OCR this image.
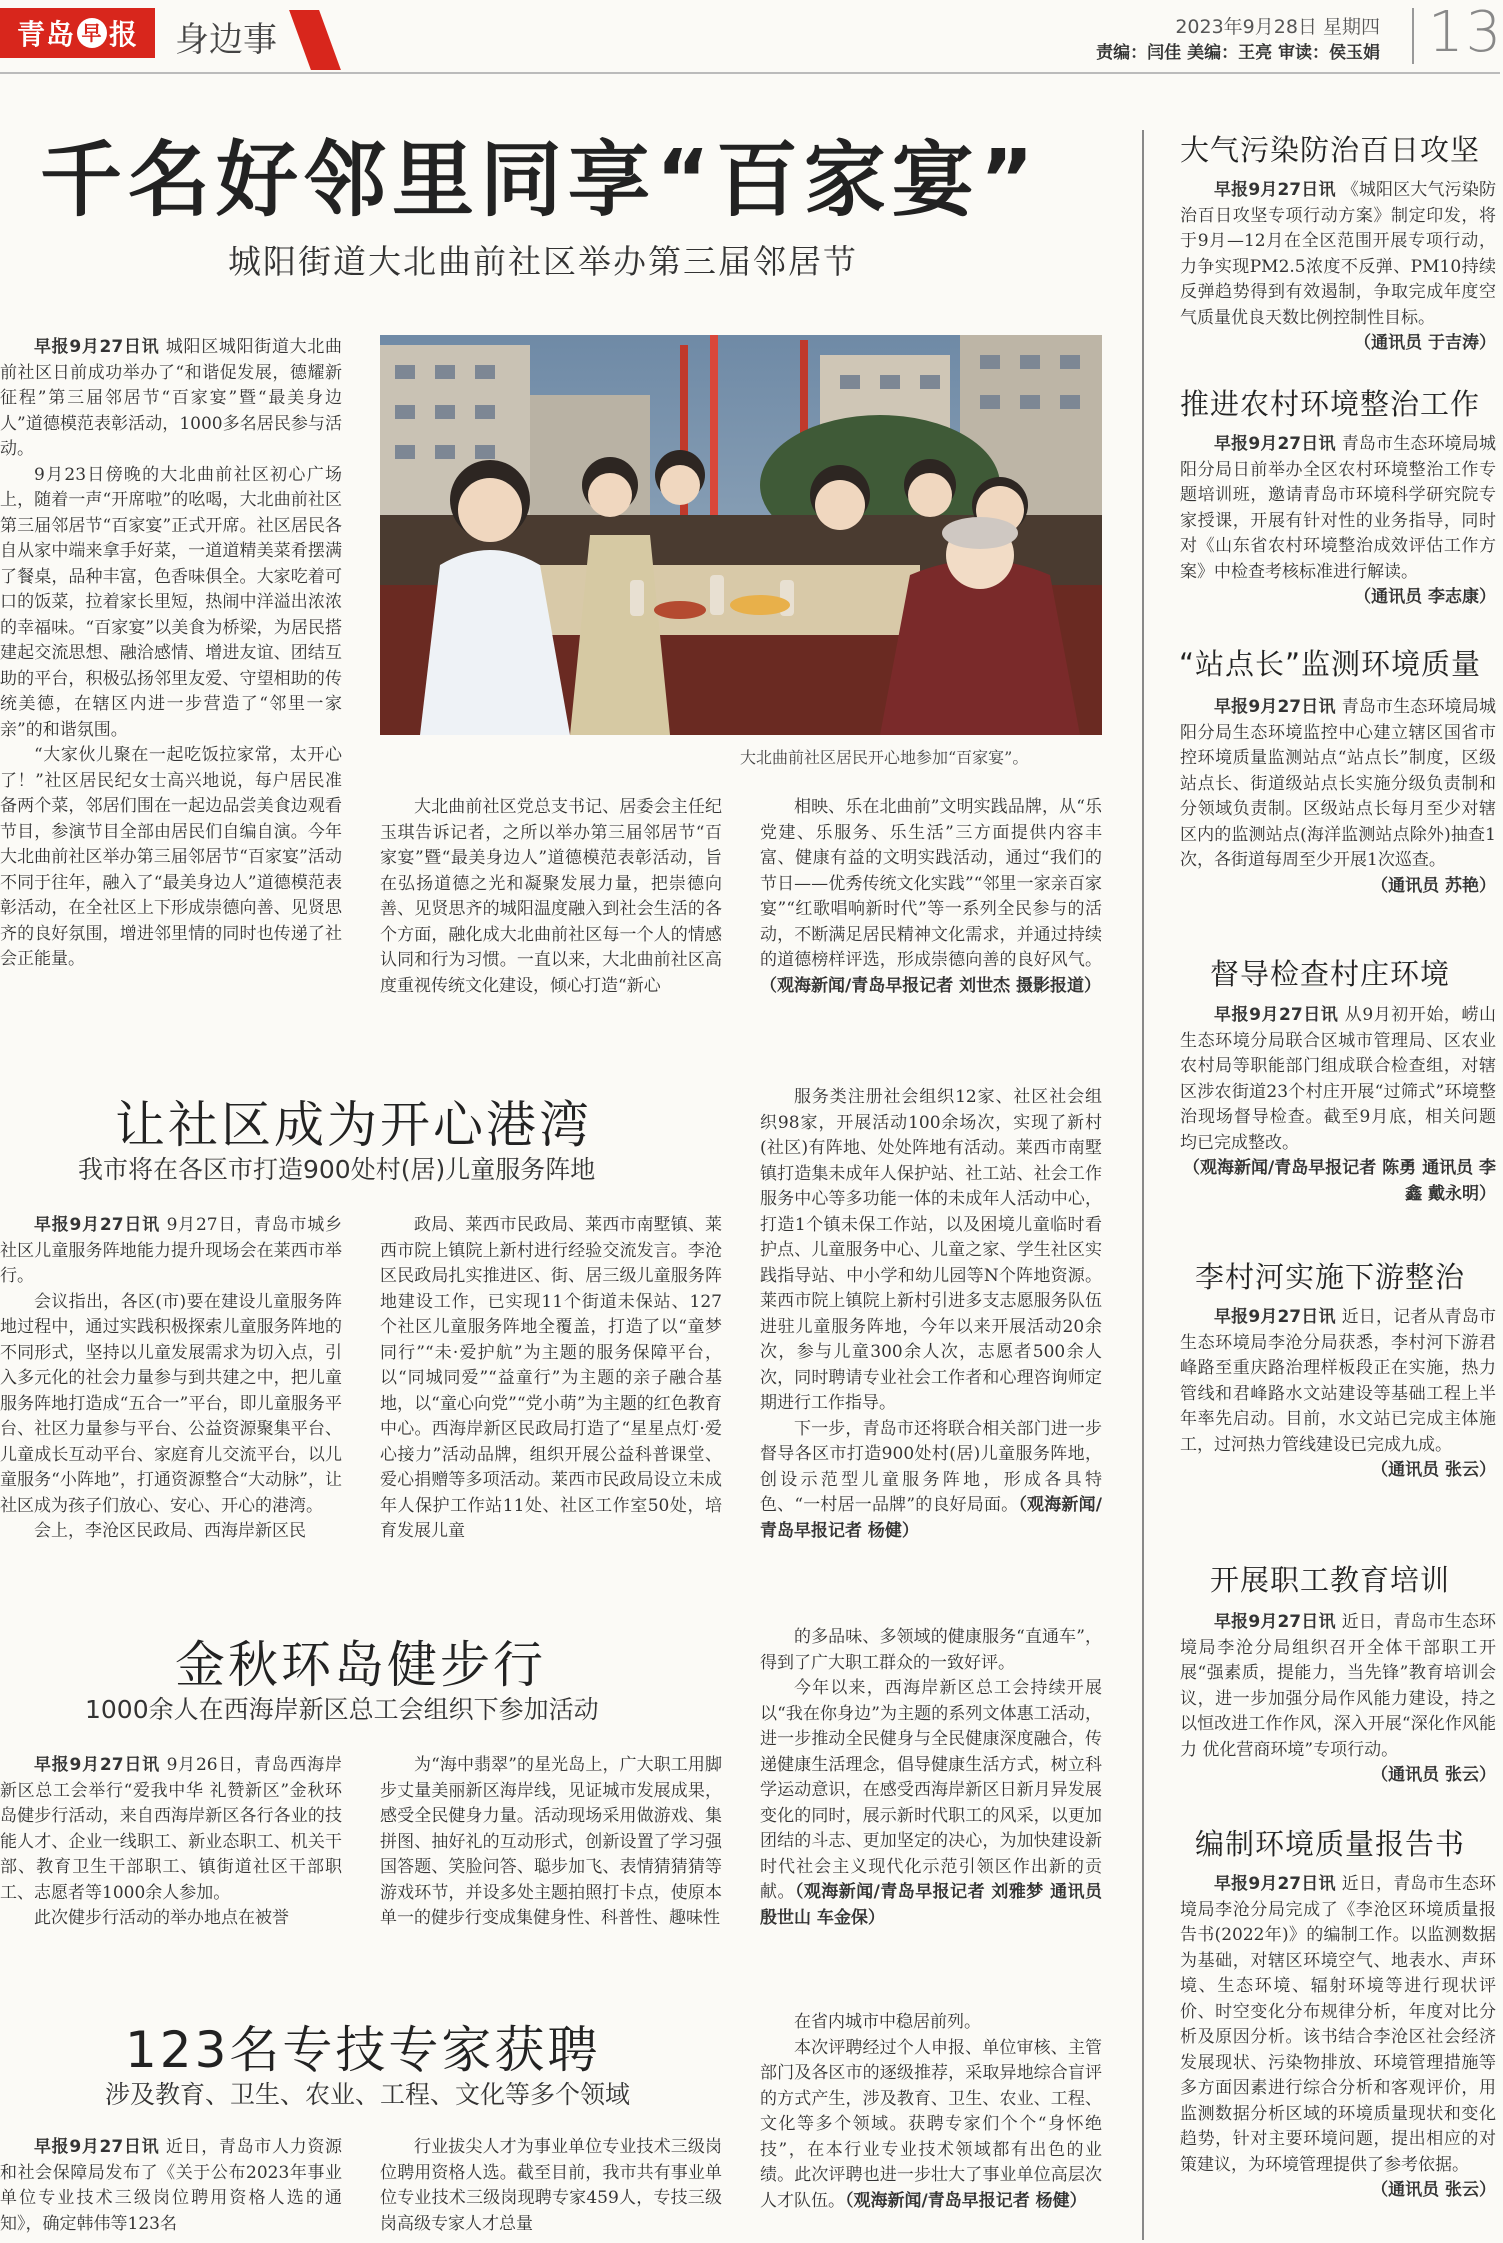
青岛 早 报 身边事	2023年9月28日 星期四
责编：闫佳 美编：王亮 审读：侯玉娟 13
千名好邻里同享“百家宴”
城阳街道大北曲前社区举办第三届邻居节

早报9月27日讯 城阳区城阳街道大北曲前社区日前成功举办了“和谐促发展，德耀新征程”第三届邻居节“百家宴”暨“最美身边人”道德模范表彰活动，1000多名居民参与活动。

9月23日傍晚的大北曲前社区初心广场上，随着一声“开席啦”的吆喝，大北曲前社区第三届邻居节“百家宴”正式开席。社区居民各自从家中端来拿手好菜，一道道精美菜肴摆满了餐桌，品种丰富，色香味俱全。大家吃着可口的饭菜，拉着家长里短，热闹中洋溢出浓浓的幸福味。“百家宴”以美食为桥梁，为居民搭建起交流思想、融洽感情、增进友谊、团结互助的平台，积极弘扬邻里友爱、守望相助的传统美德，在辖区内进一步营造了“邻里一家亲”的和谐氛围。

“大家伙儿聚在一起吃饭拉家常，太开心了！”社区居民纪女士高兴地说，每户居民准备两个菜，邻居们围在一起边品尝美食边观看节目，参演节目全部由居民们自编自演。今年大北曲前社区举办第三届邻居节“百家宴”活动不同于往年，融入了“最美身边人”道德模范表彰活动，在全社区上下形成崇德向善、见贤思齐的良好氛围，增进邻里情的同时也传递了社会正能量。

大北曲前社区居民开心地参加“百家宴”。

大北曲前社区党总支书记、居委会主任纪玉琪告诉记者，之所以举办第三届邻居节“百家宴”暨“最美身边人”道德模范表彰活动，旨在弘扬道德之光和凝聚发展力量，把崇德向善、见贤思齐的城阳温度融入到社会生活的各个方面，融化成大北曲前社区每一个人的情感认同和行为习惯。一直以来，大北曲前社区高度重视传统文化建设，倾心打造“新心

相映、乐在北曲前”文明实践品牌，从“乐党建、乐服务、乐生活”三方面提供内容丰富、健康有益的文明实践活动，通过“我们的节日——优秀传统文化实践”“邻里一家亲百家宴”“红歌唱响新时代”等一系列全民参与的活动，不断满足居民精神文化需求，并通过持续的道德榜样评选，形成崇德向善的良好风气。（观海新闻/青岛早报记者 刘世杰 摄影报道）

让社区成为开心港湾
我市将在各区市打造900处村(居)儿童服务阵地

早报9月27日讯 9月27日，青岛市城乡社区儿童服务阵地能力提升现场会在莱西市举行。

会议指出，各区(市)要在建设儿童服务阵地过程中，通过实践积极探索儿童服务阵地的不同形式，坚持以儿童发展需求为切入点，引入多元化的社会力量参与到共建之中，把儿童服务阵地打造成“五合一”平台，即儿童服务平台、社区力量参与平台、公益资源聚集平台、儿童成长互动平台、家庭育儿交流平台，以儿童服务“小阵地”，打通资源整合“大动脉”，让社区成为孩子们放心、安心、开心的港湾。

会上，李沧区民政局、西海岸新区民

政局、莱西市民政局、莱西市南墅镇、莱西市院上镇院上新村进行经验交流发言。李沧区民政局扎实推进区、街、居三级儿童服务阵地建设工作，已实现11个街道未保站、127个社区儿童服务阵地全覆盖，打造了以“童梦同行”“未·爱护航”为主题的服务保障平台，以“同城同爱”“益童行”为主题的亲子融合基地，以“童心向党”“党小萌”为主题的红色教育中心。西海岸新区民政局打造了“星星点灯·爱心接力”活动品牌，组织开展公益科普课堂、爱心捐赠等多项活动。莱西市民政局设立未成年人保护工作站11处、社区工作室50处，培育发展儿童

服务类注册社会组织12家、社区社会组织98家，开展活动100余场次，实现了新村(社区)有阵地、处处阵地有活动。莱西市南墅镇打造集未成年人保护站、社工站、社会工作服务中心等多功能一体的未成年人活动中心，打造1个镇未保工作站，以及困境儿童临时看护点、儿童服务中心、儿童之家、学生社区实践指导站、中小学和幼儿园等N个阵地资源。莱西市院上镇院上新村引进多支志愿服务队伍进驻儿童服务阵地，今年以来开展活动20余次，参与儿童300余人次，志愿者500余人次，同时聘请专业社会工作者和心理咨询师定期进行工作指导。

下一步，青岛市还将联合相关部门进一步督导各区市打造900处村(居)儿童服务阵地，创设示范型儿童服务阵地，形成各具特色、“一村居一品牌”的良好局面。（观海新闻/青岛早报记者 杨健）

金秋环岛健步行
1000余人在西海岸新区总工会组织下参加活动

早报9月27日讯 9月26日，青岛西海岸新区总工会举行“爱我中华 礼赞新区”金秋环岛健步行活动，来自西海岸新区各行各业的技能人才、企业一线职工、新业态职工、机关干部、教育卫生干部职工、镇街道社区干部职工、志愿者等1000余人参加。

此次健步行活动的举办地点在被誉

为“海中翡翠”的星光岛上，广大职工用脚步丈量美丽新区海岸线，见证城市发展成果，感受全民健身力量。活动现场采用做游戏、集拼图、抽好礼的互动形式，创新设置了学习强国答题、笑脸问答、聪步加飞、表情猜猜猜等游戏环节，并设多处主题拍照打卡点，使原本单一的健步行变成集健身性、科普性、趣味性

的多品味、多领域的健康服务“直通车”，得到了广大职工群众的一致好评。

今年以来，西海岸新区总工会持续开展以“我在你身边”为主题的系列文体惠工活动，进一步推动全民健身与全民健康深度融合，传递健康生活理念，倡导健康生活方式，树立科学运动意识，在感受西海岸新区日新月异发展变化的同时，展示新时代职工的风采，以更加团结的斗志、更加坚定的决心，为加快建设新时代社会主义现代化示范引领区作出新的贡献。（观海新闻/青岛早报记者 刘雅梦 通讯员 殷世山 车金保）

123名专技专家获聘
涉及教育、卫生、农业、工程、文化等多个领域

早报9月27日讯 近日，青岛市人力资源和社会保障局发布了《关于公布2023年事业单位专业技术三级岗位聘用资格人选的通知》，确定韩伟等123名

行业拔尖人才为事业单位专业技术三级岗位聘用资格人选。截至目前，我市共有事业单位专业技术三级岗现聘专家459人，专技三级岗高级专家人才总量

在省内城市中稳居前列。

本次评聘经过个人申报、单位审核、主管部门及各区市的逐级推荐，采取异地综合盲评的方式产生，涉及教育、卫生、农业、工程、文化等多个领域。获聘专家们个个“身怀绝技”，在本行业专业技术领域都有出色的业绩。此次评聘也进一步壮大了事业单位高层次人才队伍。（观海新闻/青岛早报记者 杨健）

大气污染防治百日攻坚

早报9月27日讯 《城阳区大气污染防治百日攻坚专项行动方案》制定印发，将于9月—12月在全区范围开展专项行动，力争实现PM2.5浓度不反弹、PM10持续反弹趋势得到有效遏制，争取完成年度空气质量优良天数比例控制性目标。

（通讯员 于吉涛）

推进农村环境整治工作

早报9月27日讯 青岛市生态环境局城阳分局日前举办全区农村环境整治工作专题培训班，邀请青岛市环境科学研究院专家授课，开展有针对性的业务指导，同时对《山东省农村环境整治成效评估工作方案》中检查考核标准进行解读。

（通讯员 李志康）

“站点长”监测环境质量

早报9月27日讯 青岛市生态环境局城阳分局生态环境监控中心建立辖区国省市控环境质量监测站点“站点长”制度，区级站点长、街道级站点长实施分级负责制和分领域负责制。区级站点长每月至少对辖区内的监测站点(海洋监测站点除外)抽查1次，各街道每周至少开展1次巡查。

（通讯员 苏艳）

督导检查村庄环境

早报9月27日讯 从9月初开始，崂山生态环境分局联合区城市管理局、区农业农村局等职能部门组成联合检查组，对辖区涉农街道23个村庄开展“过筛式”环境整治现场督导检查。截至9月底，相关问题均已完成整改。

（观海新闻/青岛早报记者 陈勇 通讯员 李鑫 戴永明）

李村河实施下游整治

早报9月27日讯 近日，记者从青岛市生态环境局李沧分局获悉，李村河下游君峰路至重庆路治理样板段正在实施，热力管线和君峰路水文站建设等基础工程上半年率先启动。目前，水文站已完成主体施工，过河热力管线建设已完成九成。

（通讯员 张云）

开展职工教育培训

早报9月27日讯 近日，青岛市生态环境局李沧分局组织召开全体干部职工开展“强素质，提能力，当先锋”教育培训会议，进一步加强分局作风能力建设，持之以恒改进工作作风，深入开展“深化作风能力 优化营商环境”专项行动。

（通讯员 张云）

编制环境质量报告书

早报9月27日讯 近日，青岛市生态环境局李沧分局完成了《李沧区环境质量报告书(2022年)》的编制工作。以监测数据为基础，对辖区环境空气、地表水、声环境、生态环境、辐射环境等进行现状评价、时空变化分布规律分析，年度对比分析及原因分析。该书结合李沧区社会经济发展现状、污染物排放、环境管理措施等多方面因素进行综合分析和客观评价，用监测数据分析区域的环境质量现状和变化趋势，针对主要环境问题，提出相应的对策建议，为环境管理提供了参考依据。

（通讯员 张云）
